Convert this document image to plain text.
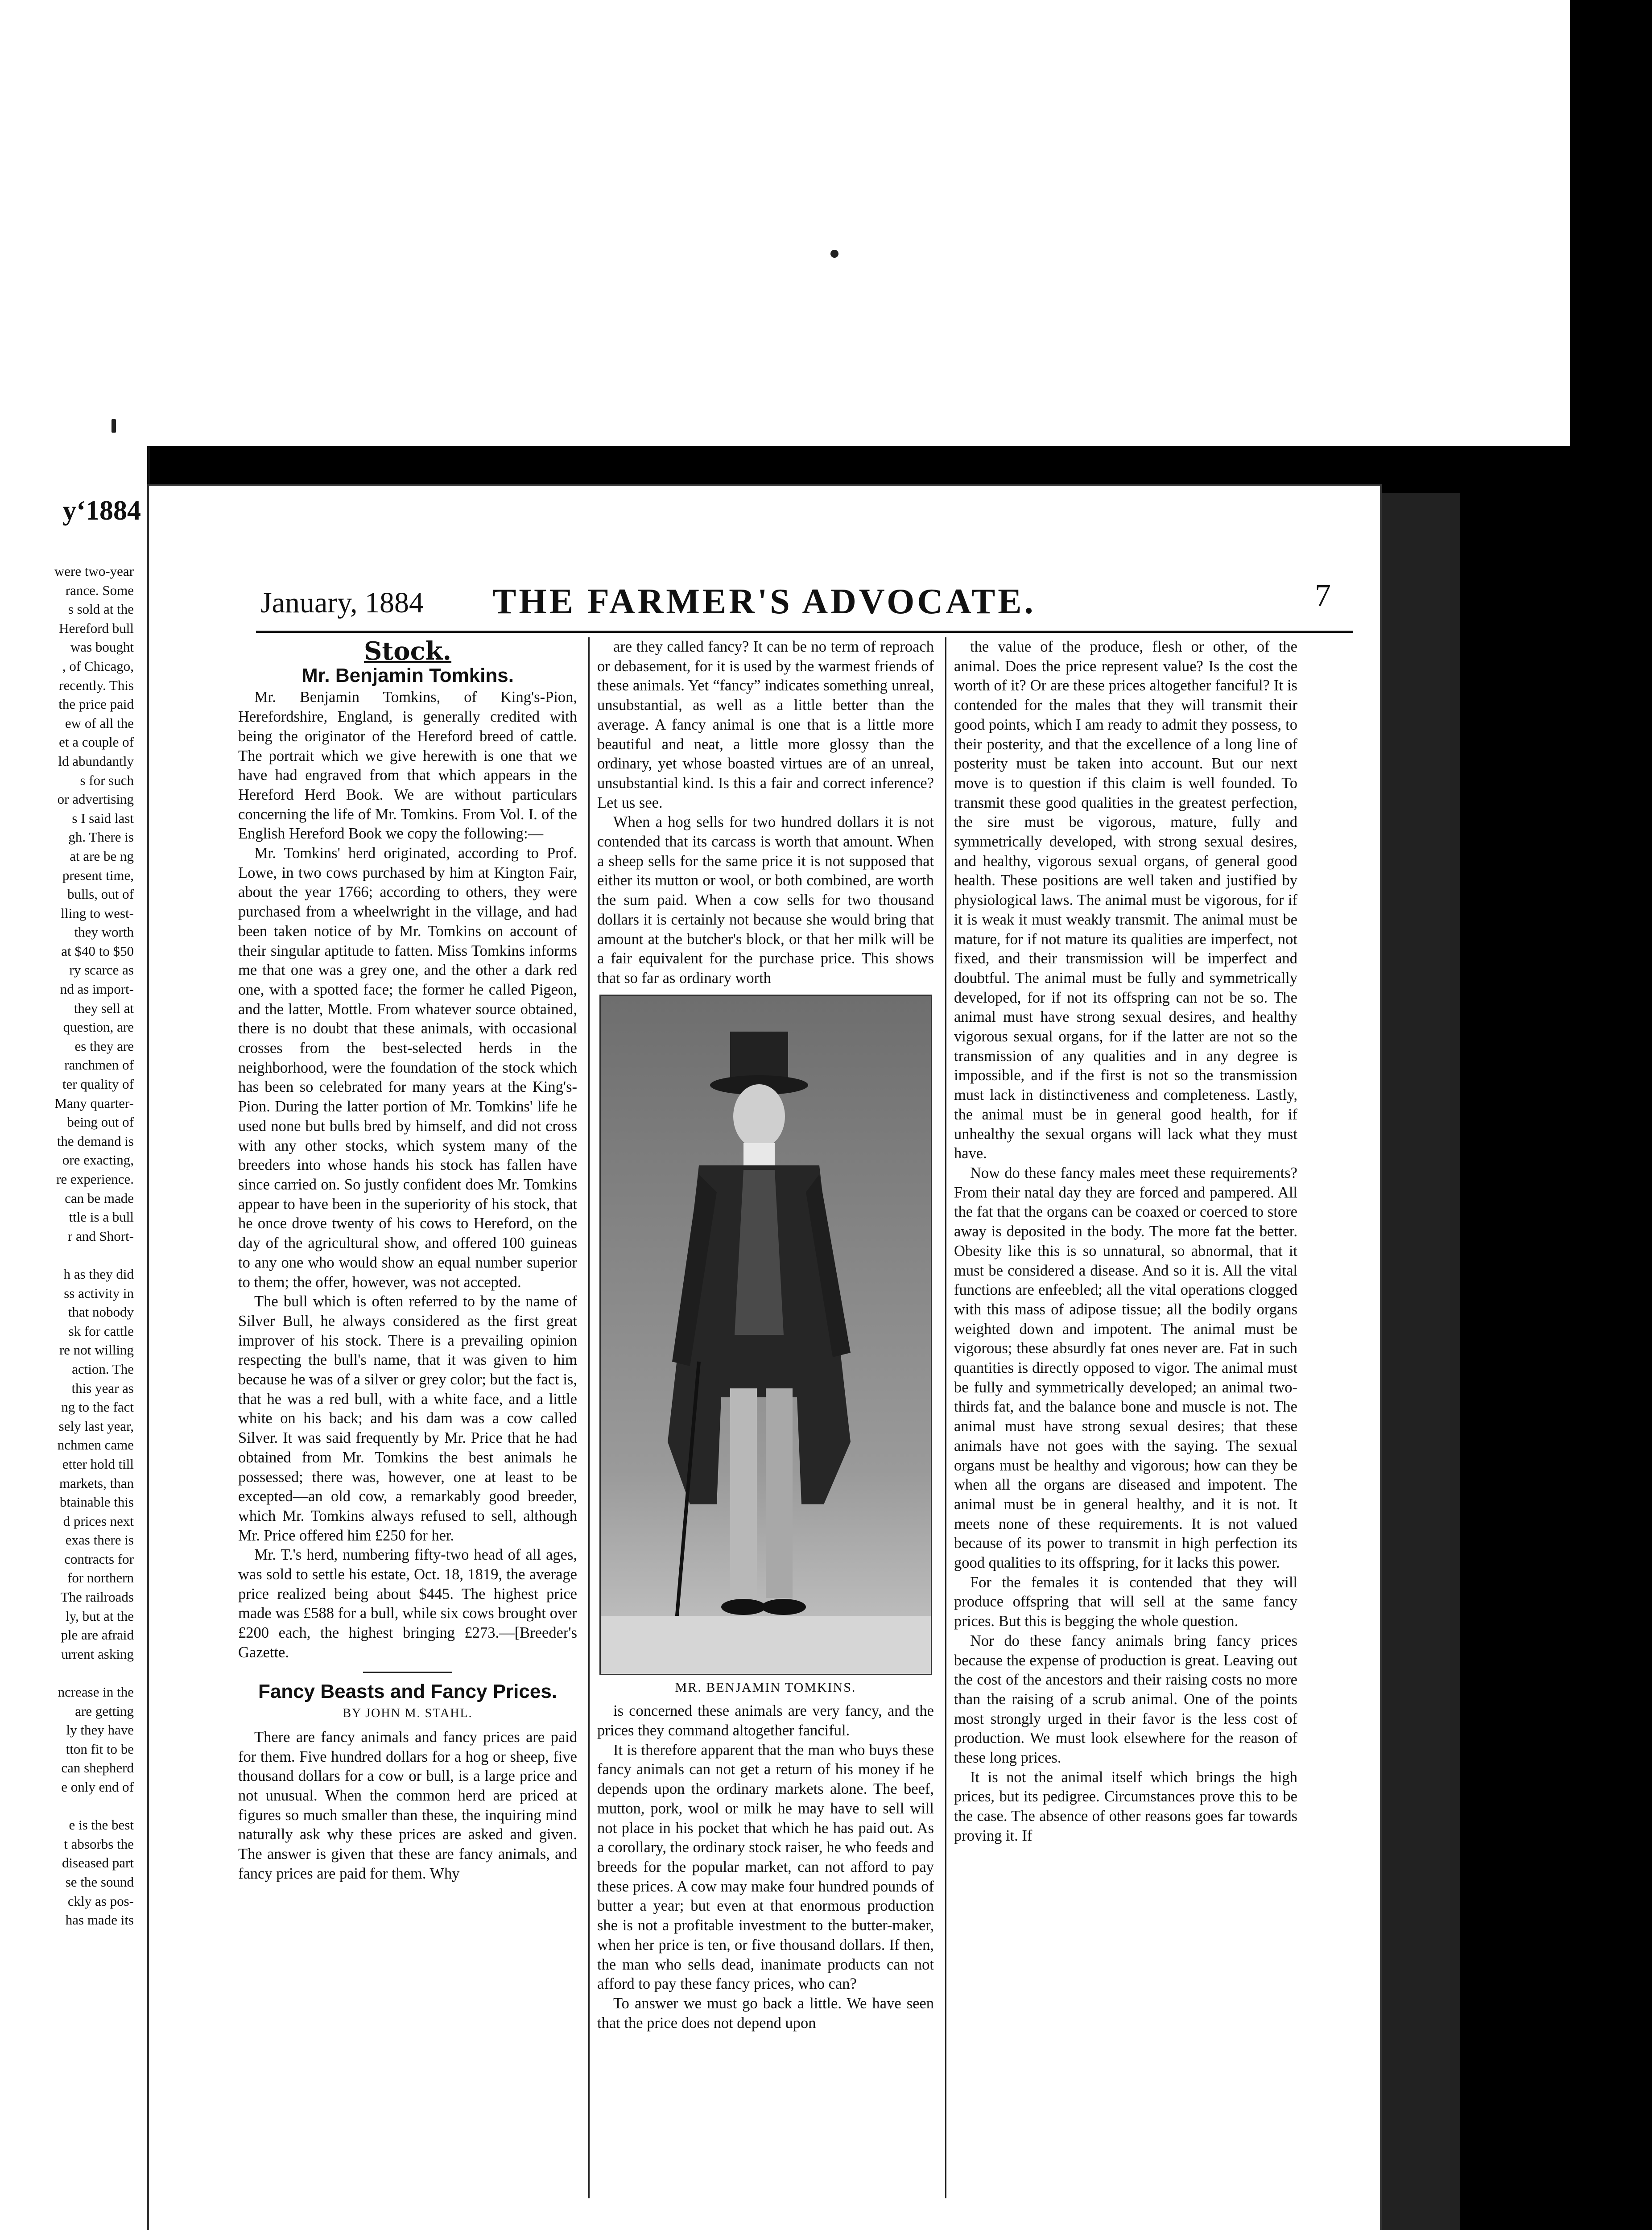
y‘1884
were two-year
rance. Some
s sold at the
Hereford bull
was bought
, of Chicago,
recently. This
the price paid
ew of all the
et a couple of
ld abundantly
s for such
or advertising
s I said last
gh. There is
at are be ng
present time,
bulls, out of
lling to west-
they worth
at $40 to $50
ry scarce as
nd as import-
they sell at
question, are
es they are
ranchmen of
ter quality of
Many quarter-
being out of
the demand is
ore exacting,
re experience.
can be made
ttle is a bull
r and Short-

h as they did
ss activity in
that nobody
sk for cattle
re not willing
action. The
this year as
ng to the fact
sely last year,
nchmen came
etter hold till
markets, than
btainable this
d prices next
exas there is
contracts for
for northern
The railroads
ly, but at the
ple are afraid
urrent asking

ncrease in the
are getting
ly they have
tton fit to be
can shepherd
e only end of

e is the best
t absorbs the
diseased part
se the sound
ckly as pos-
has made its
January, 1884 THE FARMER'S ADVOCATE.	7
Stock.
Mr. Benjamin Tomkins.

Mr. Benjamin Tomkins, of King's-Pion, Herefordshire, England, is generally credited with being the originator of the Hereford breed of cattle. The portrait which we give herewith is one that we have had engraved from that which appears in the Hereford Herd Book. We are without particulars concerning the life of Mr. Tomkins. From Vol. I. of the English Hereford Book we copy the following:—

Mr. Tomkins' herd originated, according to Prof. Lowe, in two cows purchased by him at Kington Fair, about the year 1766; according to others, they were purchased from a wheelwright in the village, and had been taken notice of by Mr. Tomkins on account of their singular aptitude to fatten. Miss Tomkins informs me that one was a grey one, and the other a dark red one, with a spotted face; the former he called Pigeon, and the latter, Mottle. From whatever source obtained, there is no doubt that these animals, with occasional crosses from the best-selected herds in the neighborhood, were the foundation of the stock which has been so celebrated for many years at the King's-Pion. During the latter portion of Mr. Tomkins' life he used none but bulls bred by himself, and did not cross with any other stocks, which system many of the breeders into whose hands his stock has fallen have since carried on. So justly confident does Mr. Tomkins appear to have been in the superiority of his stock, that he once drove twenty of his cows to Hereford, on the day of the agricultural show, and offered 100 guineas to any one who would show an equal number superior to them; the offer, however, was not accepted.

The bull which is often referred to by the name of Silver Bull, he always considered as the first great improver of his stock. There is a prevailing opinion respecting the bull's name, that it was given to him because he was of a silver or grey color; but the fact is, that he was a red bull, with a white face, and a little white on his back; and his dam was a cow called Silver. It was said frequently by Mr. Price that he had obtained from Mr. Tomkins the best animals he possessed; there was, however, one at least to be excepted—an old cow, a remarkably good breeder, which Mr. Tomkins always refused to sell, although Mr. Price offered him £250 for her.

Mr. T.'s herd, numbering fifty-two head of all ages, was sold to settle his estate, Oct. 18, 1819, the average price realized being about $445. The highest price made was £588 for a bull, while six cows brought over £200 each, the highest bringing £273.—[Breeder's Gazette.

Fancy Beasts and Fancy Prices.
BY JOHN M. STAHL.

There are fancy animals and fancy prices are paid for them. Five hundred dollars for a hog or sheep, five thousand dollars for a cow or bull, is a large price and not unusual. When the common herd are priced at figures so much smaller than these, the inquiring mind naturally ask why these prices are asked and given. The answer is given that these are fancy animals, and fancy prices are paid for them. Why

are they called fancy? It can be no term of reproach or debasement, for it is used by the warmest friends of these animals. Yet “fancy” indicates something unreal, unsubstantial, as well as a little better than the average. A fancy animal is one that is a little more beautiful and neat, a little more glossy than the ordinary, yet whose boasted virtues are of an unreal, unsubstantial kind. Is this a fair and correct inference? Let us see.

When a hog sells for two hundred dollars it is not contended that its carcass is worth that amount. When a sheep sells for the same price it is not supposed that either its mutton or wool, or both combined, are worth the sum paid. When a cow sells for two thousand dollars it is certainly not because she would bring that amount at the butcher's block, or that her milk will be a fair equivalent for the purchase price. This shows that so far as ordinary worth

MR. BENJAMIN TOMKINS.

is concerned these animals are very fancy, and the prices they command altogether fanciful.

It is therefore apparent that the man who buys these fancy animals can not get a return of his money if he depends upon the ordinary markets alone. The beef, mutton, pork, wool or milk he may have to sell will not place in his pocket that which he has paid out. As a corollary, the ordinary stock raiser, he who feeds and breeds for the popular market, can not afford to pay these prices. A cow may make four hundred pounds of butter a year; but even at that enormous production she is not a profitable investment to the butter-maker, when her price is ten, or five thousand dollars. If then, the man who sells dead, inanimate products can not afford to pay these fancy prices, who can?

To answer we must go back a little. We have seen that the price does not depend upon

the value of the produce, flesh or other, of the animal. Does the price represent value? Is the cost the worth of it? Or are these prices altogether fanciful? It is contended for the males that they will transmit their good points, which I am ready to admit they possess, to their posterity, and that the excellence of a long line of posterity must be taken into account. But our next move is to question if this claim is well founded. To transmit these good qualities in the greatest perfection, the sire must be vigorous, mature, fully and symmetrically developed, with strong sexual desires, and healthy, vigorous sexual organs, of general good health. These positions are well taken and justified by physiological laws. The animal must be vigorous, for if it is weak it must weakly transmit. The animal must be mature, for if not mature its qualities are imperfect, not fixed, and their transmission will be imperfect and doubtful. The animal must be fully and symmetrically developed, for if not its offspring can not be so. The animal must have strong sexual desires, and healthy vigorous sexual organs, for if the latter are not so the transmission of any qualities and in any degree is impossible, and if the first is not so the transmission must lack in distinctiveness and completeness. Lastly, the animal must be in general good health, for if unhealthy the sexual organs will lack what they must have.

Now do these fancy males meet these requirements? From their natal day they are forced and pampered. All the fat that the organs can be coaxed or coerced to store away is deposited in the body. The more fat the better. Obesity like this is so unnatural, so abnormal, that it must be considered a disease. And so it is. All the vital functions are enfeebled; all the vital operations clogged with this mass of adipose tissue; all the bodily organs weighted down and impotent. The animal must be vigorous; these absurdly fat ones never are. Fat in such quantities is directly opposed to vigor. The animal must be fully and symmetrically developed; an animal two-thirds fat, and the balance bone and muscle is not. The animal must have strong sexual desires; that these animals have not goes with the saying. The sexual organs must be healthy and vigorous; how can they be when all the organs are diseased and impotent. The animal must be in general healthy, and it is not. It meets none of these requirements. It is not valued because of its power to transmit in high perfection its good qualities to its offspring, for it lacks this power.

For the females it is contended that they will produce offspring that will sell at the same fancy prices. But this is begging the whole question.

Nor do these fancy animals bring fancy prices because the expense of production is great. Leaving out the cost of the ancestors and their raising costs no more than the raising of a scrub animal. One of the points most strongly urged in their favor is the less cost of production. We must look elsewhere for the reason of these long prices.

It is not the animal itself which brings the high prices, but its pedigree. Circumstances prove this to be the case. The absence of other reasons goes far towards proving it. If
